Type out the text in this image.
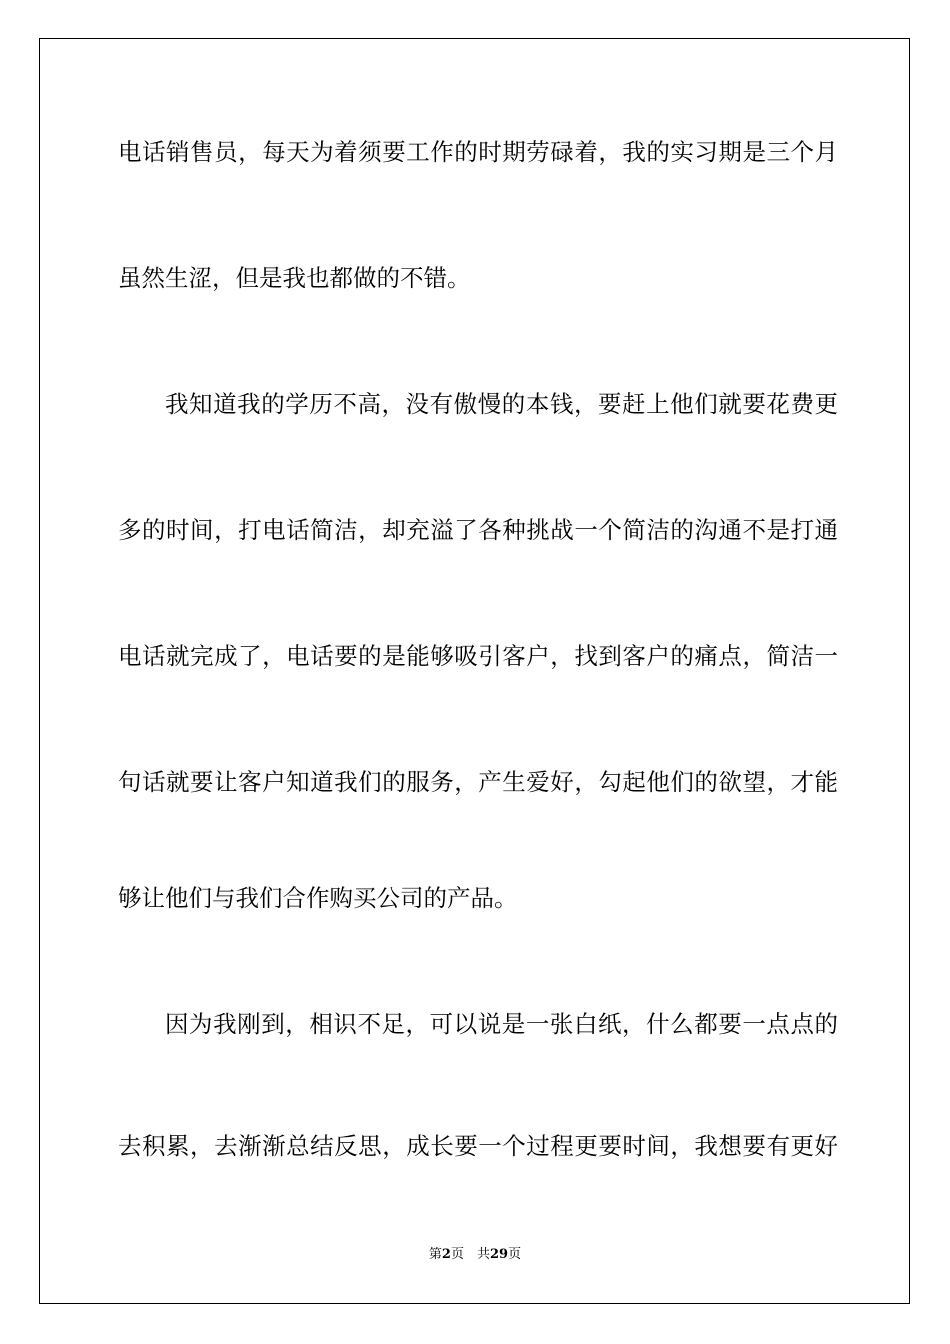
电话销售员，每天为着须要工作的时期劳碌着，我的实习期是三个月
虽然生涩，但是我也都做的不错。
我知道我的学历不高，没有傲慢的本钱，要赶上他们就要花费更
多的时间，打电话简洁，却充溢了各种挑战一个简洁的沟通不是打通
电话就完成了，电话要的是能够吸引客户，找到客户的痛点，简洁一
句话就要让客户知道我们的服务，产生爱好，勾起他们的欲望，才能
够让他们与我们合作购买公司的产品。
因为我刚到，相识不足，可以说是一张白纸，什么都要一点点的
去积累，去渐渐总结反思，成长要一个过程更要时间，我想要有更好
第2页　共29页
